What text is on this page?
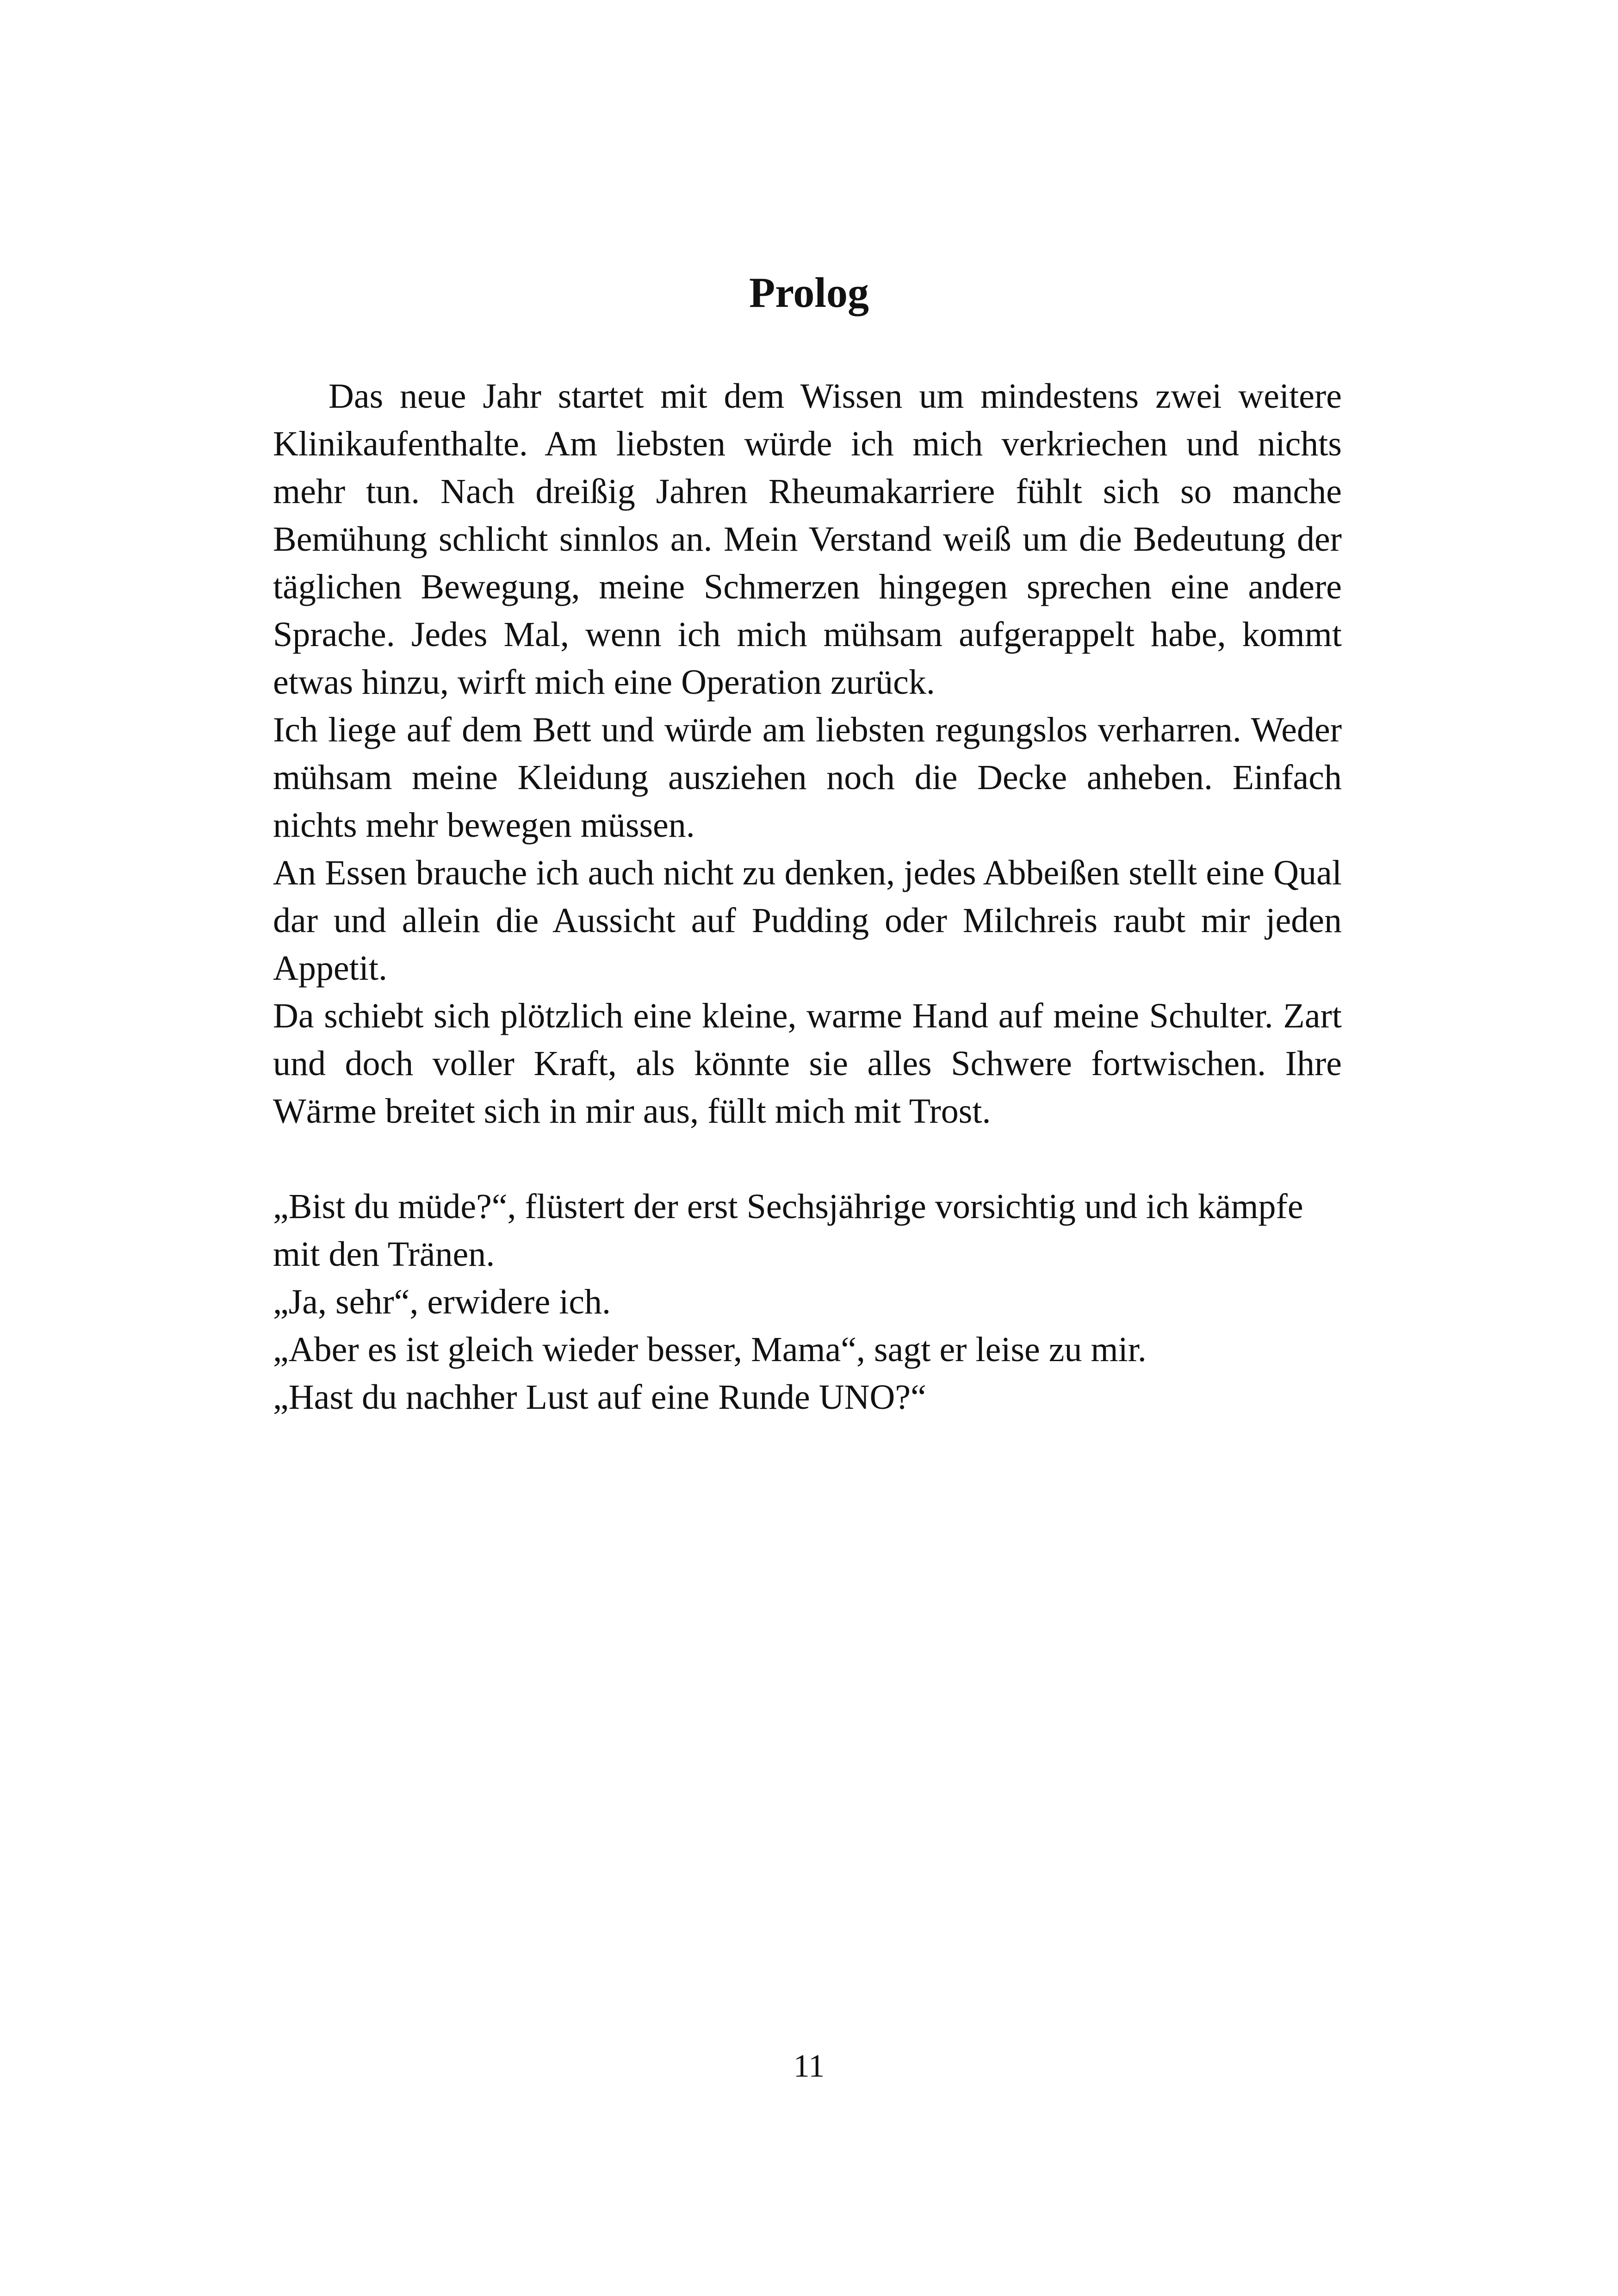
Prolog

Das neue Jahr startet mit dem Wissen um mindestens zwei weitere Klinikaufenthalte. Am liebsten würde ich mich verkriechen und nichts mehr tun. Nach dreißig Jahren Rheumakarriere fühlt sich so manche Bemühung schlicht sinnlos an. Mein Verstand weiß um die Bedeutung der täglichen Bewegung, meine Schmerzen hingegen sprechen eine andere Sprache. Jedes Mal, wenn ich mich mühsam aufgerappelt habe, kommt etwas hinzu, wirft mich eine Operation zurück.

Ich liege auf dem Bett und würde am liebsten regungslos verharren. Weder mühsam meine Kleidung ausziehen noch die Decke anheben. Einfach nichts mehr bewegen müssen.

An Essen brauche ich auch nicht zu denken, jedes Abbeißen stellt eine Qual dar und allein die Aussicht auf Pudding oder Milchreis raubt mir jeden Appetit.

Da schiebt sich plötzlich eine kleine, warme Hand auf meine Schulter. Zart und doch voller Kraft, als könnte sie alles Schwere fortwischen. Ihre Wärme breitet sich in mir aus, füllt mich mit Trost.

„Bist du müde?“, flüstert der erst Sechsjährige vorsichtig und ich kämpfe mit den Tränen.

„Ja, sehr“, erwidere ich.

„Aber es ist gleich wieder besser, Mama“, sagt er leise zu mir.

„Hast du nachher Lust auf eine Runde UNO?“

11
